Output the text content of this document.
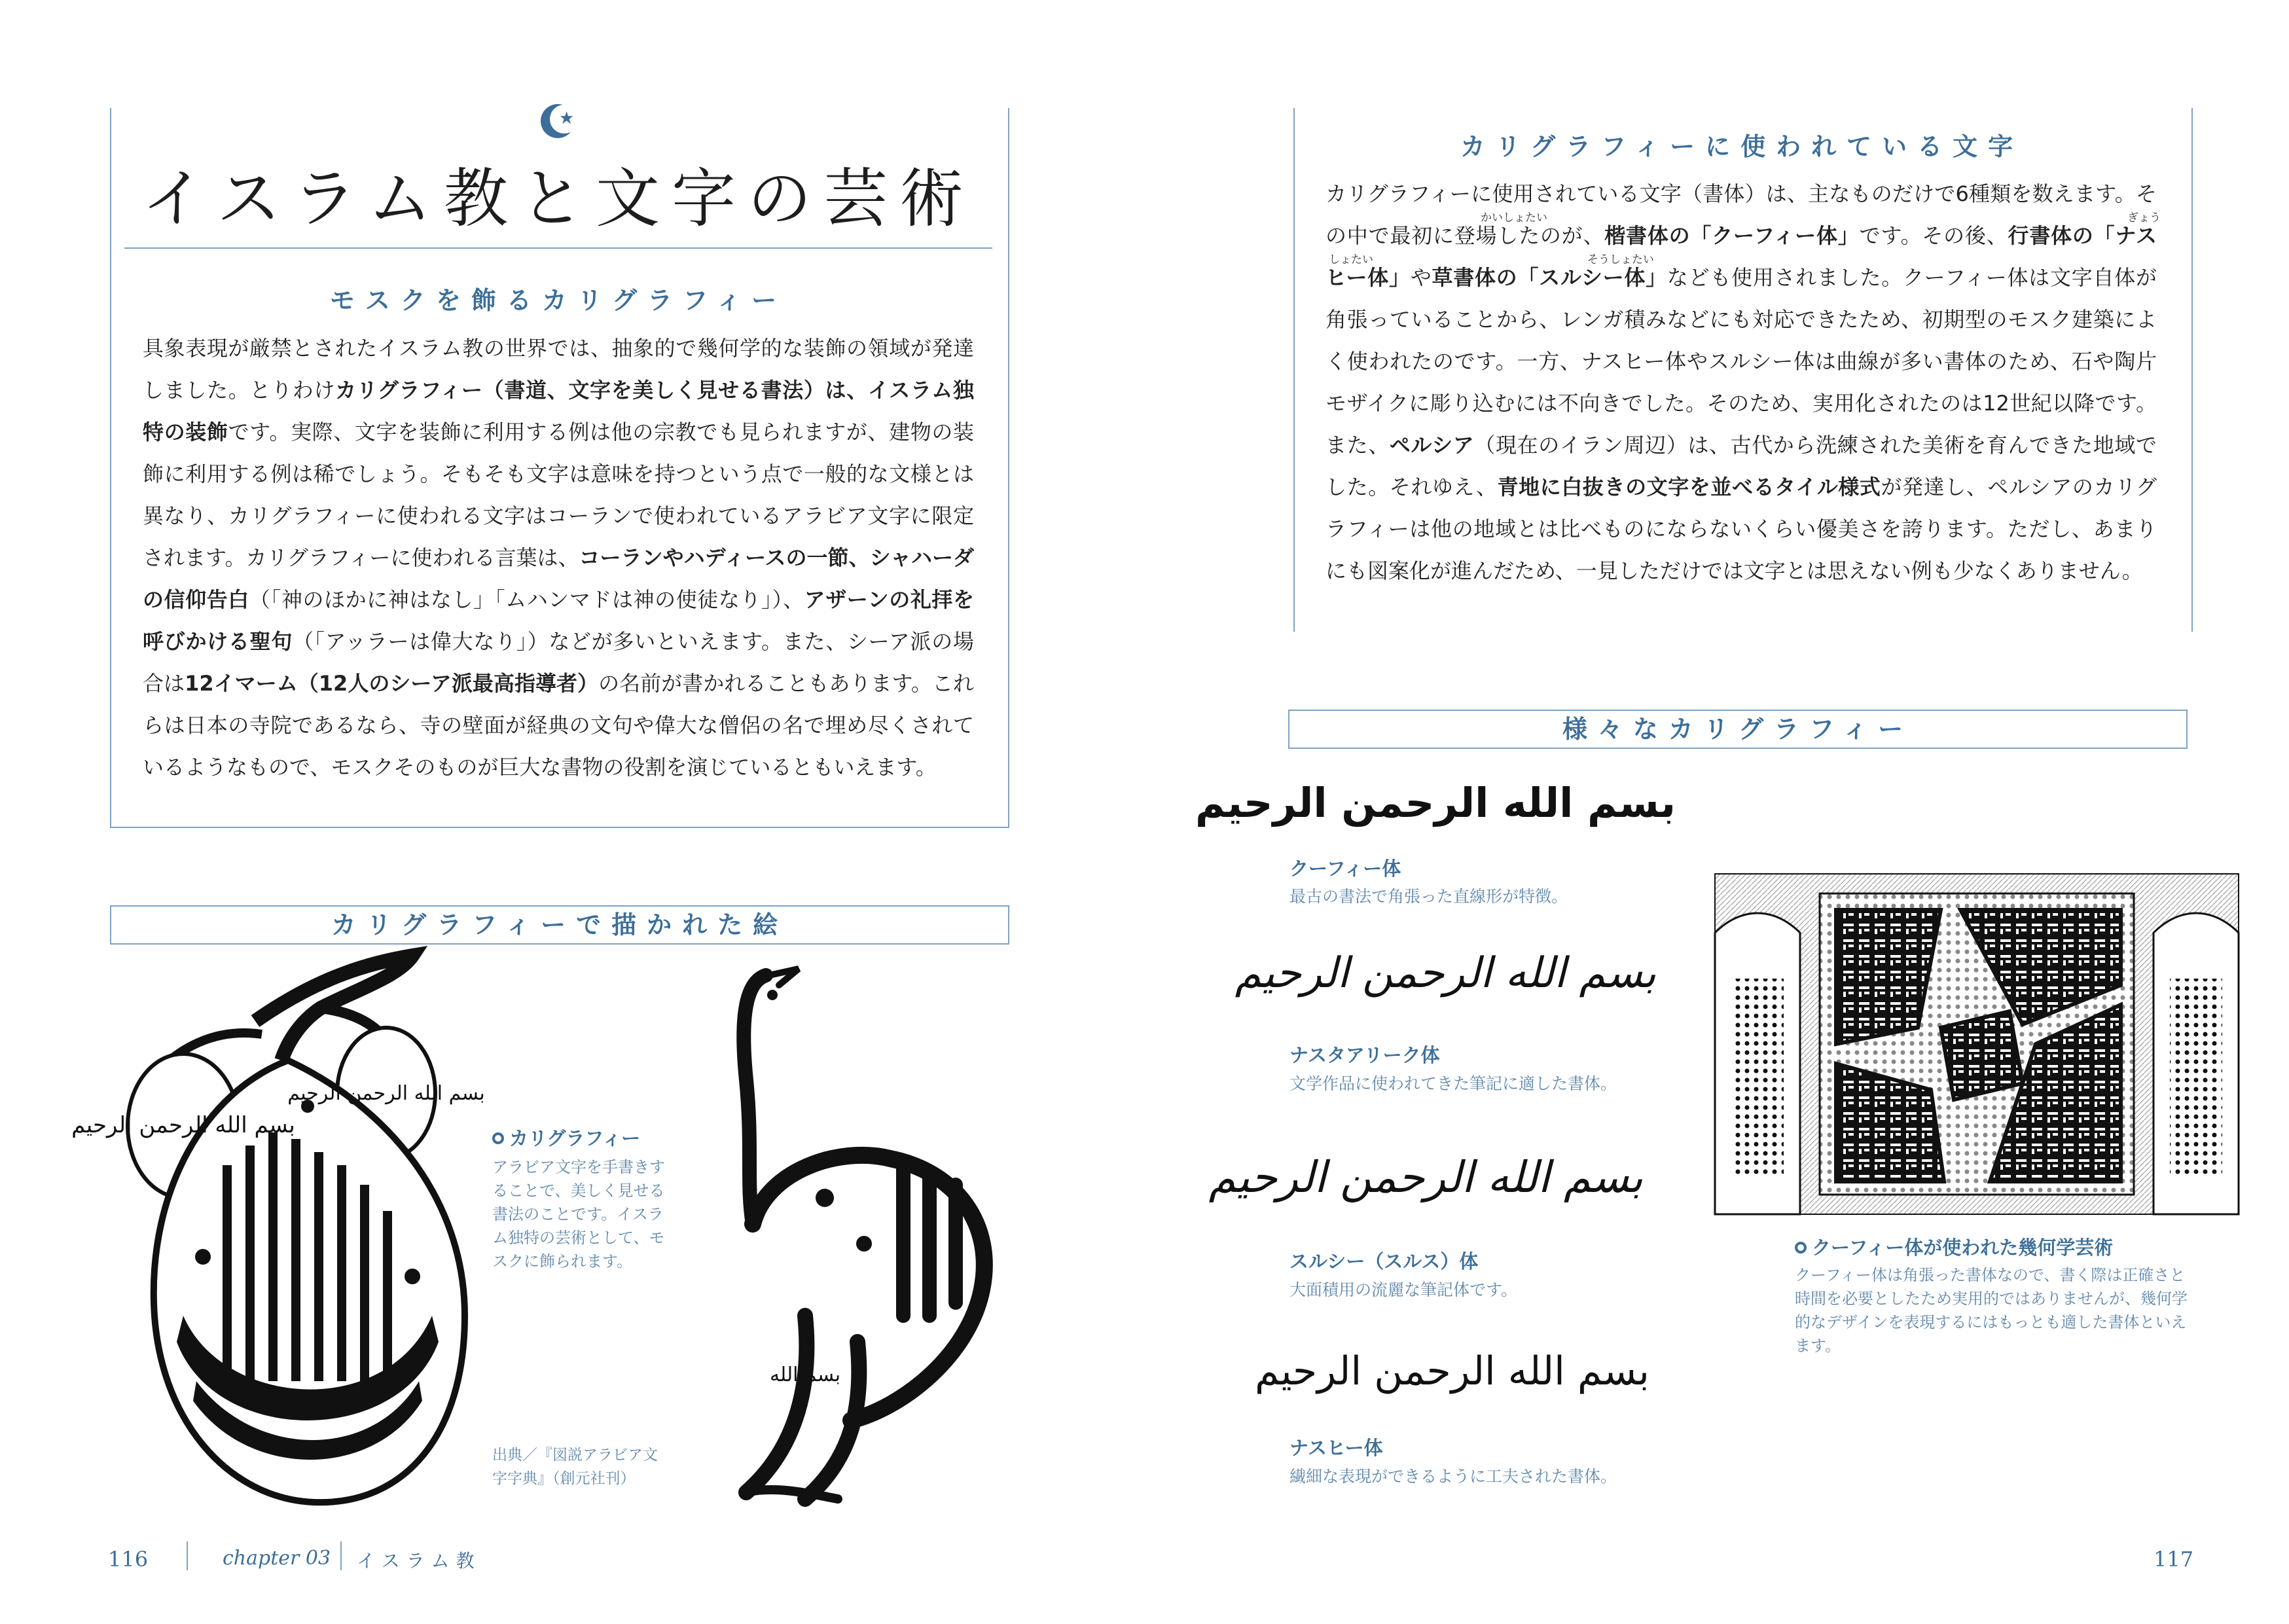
イスラム教と文字の芸術
モスクを飾るカリグラフィー
具象表現が厳禁とされたイスラム教の世界では、抽象的で幾何学的な装飾の領域が発達しました。とりわけカリグラフィー（書道、文字を美しく見せる書法）は、イスラム独特の装飾です。実際、文字を装飾に利用する例は他の宗教でも見られますが、建物の装飾に利用する例は稀でしょう。そもそも文字は意味を持つという点で一般的な文様とは異なり、カリグラフィーに使われる文字はコーランで使われているアラビア文字に限定されます。カリグラフィーに使われる言葉は、コーランやハディースの一節、シャハーダの信仰告白（「神のほかに神はなし」「ムハンマドは神の使徒なり」）、アザーンの礼拝を呼びかける聖句（「アッラーは偉大なり」）などが多いといえます。また、シーア派の場合は12イマーム（12人のシーア派最高指導者）の名前が書かれることもあります。これらは日本の寺院であるなら、寺の壁面が経典の文句や偉大な僧侶の名で埋め尽くされているようなもので、モスクそのものが巨大な書物の役割を演じているともいえます。
カリグラフィーで描かれた絵
بسم الله الرحمن الرحيم
بسم الله الرحمن الرحيم
カリグラフィー
アラビア文字を手書きすることで、美しく見せる書法のことです。イスラム独特の芸術として、モスクに飾られます。
出典／『図説アラビア文字字典』（創元社刊）
بسم الله
116	chapter 03 イスラム教
カリグラフィーに使われている文字
かいしょたい	ぎょう
しょたい	そうしょたい
カリグラフィーに使用されている文字（書体）は、主なものだけで6種類を数えます。その中で最初に登場したのが、楷書体の「クーフィー体」です。その後、行書体の「ナスヒー体」や草書体の「スルシー体」なども使用されました。クーフィー体は文字自体が角張っていることから、レンガ積みなどにも対応できたため、初期型のモスク建築によく使われたのです。一方、ナスヒー体やスルシー体は曲線が多い書体のため、石や陶片モザイクに彫り込むには不向きでした。そのため、実用化されたのは12世紀以降です。また、ペルシア（現在のイラン周辺）は、古代から洗練された美術を育んできた地域でした。それゆえ、青地に白抜きの文字を並べるタイル様式が発達し、ペルシアのカリグラフィーは他の地域とは比べものにならないくらい優美さを誇ります。ただし、あまりにも図案化が進んだため、一見しただけでは文字とは思えない例も少なくありません。
様々なカリグラフィー
بسم الله الرحمن الرحيم
クーフィー体
最古の書法で角張った直線形が特徴。
بسم الله الرحمن الرحيم
ナスタアリーク体
文学作品に使われてきた筆記に適した書体。
بسم الله الرحمن الرحيم
スルシー（スルス）体
大面積用の流麗な筆記体です。
بسم الله الرحمن الرحيم
ナスヒー体
繊細な表現ができるように工夫された書体。
クーフィー体が使われた幾何学芸術
クーフィー体は角張った書体なので、書く際は正確さと時間を必要としたため実用的ではありませんが、幾何学的なデザインを表現するにはもっとも適した書体といえます。
117
